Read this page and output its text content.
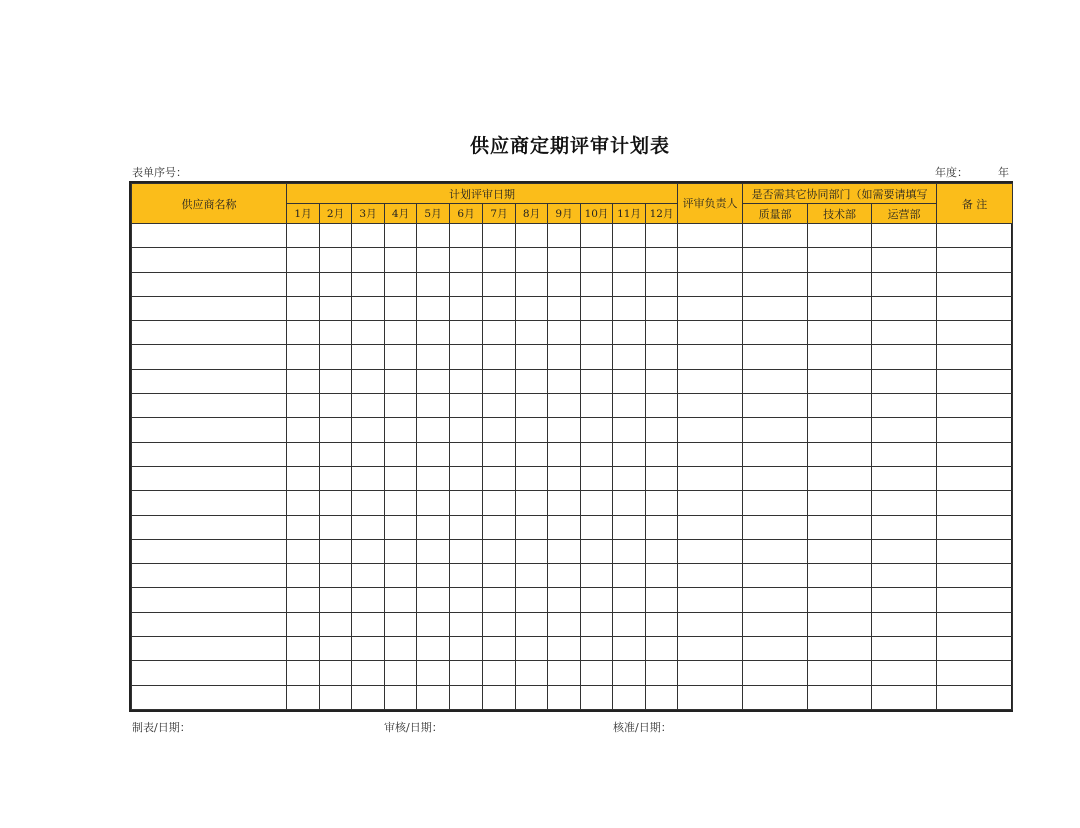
供应商定期评审计划表
表单序号：	年度：	年
供应商名称	计划评审日期												评审负责人	是否需其它协同部门（如需要请填写			备 注
	1月	2月	3月	4月	5月	6月	7月	8月	9月	10月	11月	12月		质量部	技术部	运营部	

制表/日期：	审核/日期：	核准/日期：
